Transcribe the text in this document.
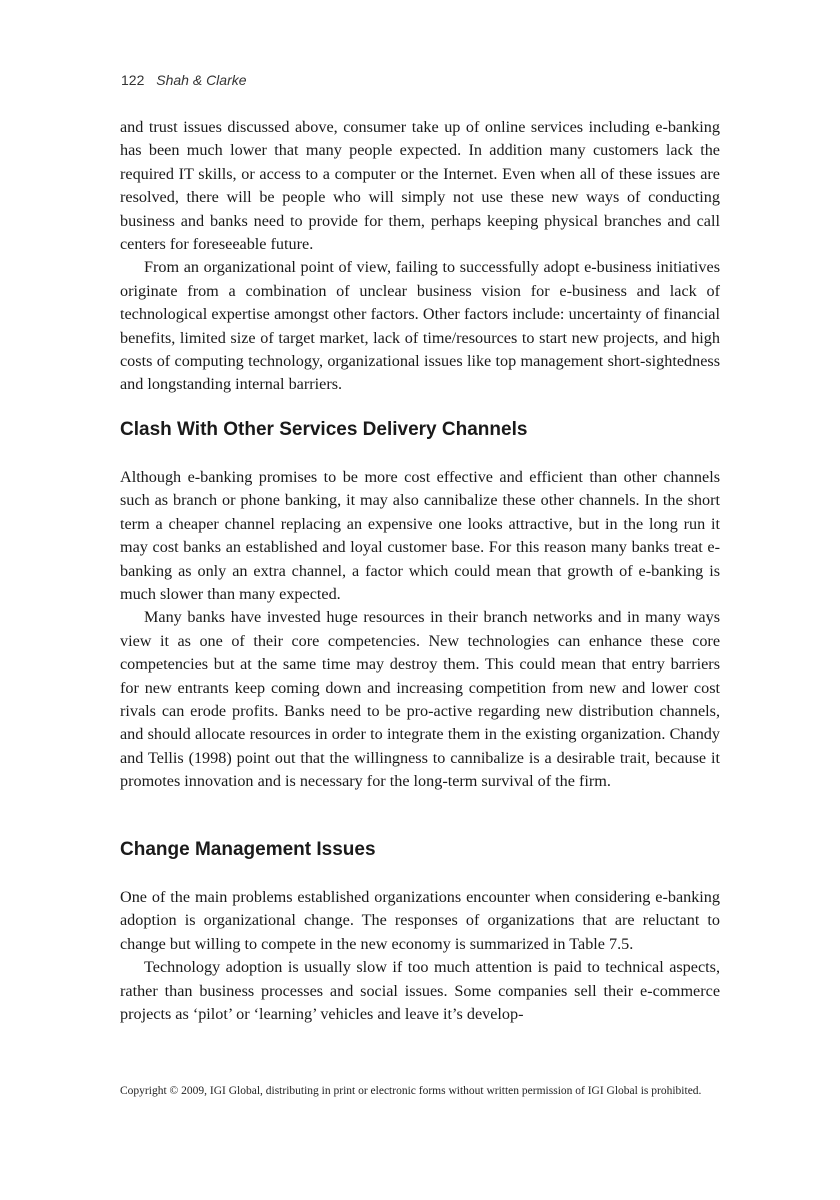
122 Shah & Clarke

and trust issues discussed above, consumer take up of online services including e-banking has been much lower that many people expected. In addition many customers lack the required IT skills, or access to a computer or the Internet. Even when all of these issues are resolved, there will be people who will simply not use these new ways of conducting business and banks need to provide for them, perhaps keeping physical branches and call centers for foreseeable future.

From an organizational point of view, failing to successfully adopt e-business initiatives originate from a combination of unclear business vision for e-business and lack of technological expertise amongst other factors. Other factors include: uncertainty of financial benefits, limited size of target market, lack of time/resources to start new projects, and high costs of computing technology, organizational issues like top management short-sightedness and longstanding internal barriers.

Clash With Other Services Delivery Channels

Although e-banking promises to be more cost effective and efficient than other channels such as branch or phone banking, it may also cannibalize these other channels. In the short term a cheaper channel replacing an expensive one looks attractive, but in the long run it may cost banks an established and loyal customer base. For this reason many banks treat e-banking as only an extra channel, a factor which could mean that growth of e-banking is much slower than many expected.

Many banks have invested huge resources in their branch networks and in many ways view it as one of their core competencies. New technologies can enhance these core competencies but at the same time may destroy them. This could mean that entry barriers for new entrants keep coming down and increasing competition from new and lower cost rivals can erode profits. Banks need to be pro-active regarding new distribution channels, and should allocate resources in order to integrate them in the existing organization. Chandy and Tellis (1998) point out that the willingness to cannibalize is a desirable trait, because it promotes innovation and is necessary for the long-term survival of the firm.

Change Management Issues

One of the main problems established organizations encounter when considering e-banking adoption is organizational change. The responses of organizations that are reluctant to change but willing to compete in the new economy is summarized in Table 7.5.

Technology adoption is usually slow if too much attention is paid to technical aspects, rather than business processes and social issues. Some companies sell their e-commerce projects as ‘pilot’ or ‘learning’ vehicles and leave it’s develop-

Copyright © 2009, IGI Global, distributing in print or electronic forms without written permission of IGI Global is prohibited.
